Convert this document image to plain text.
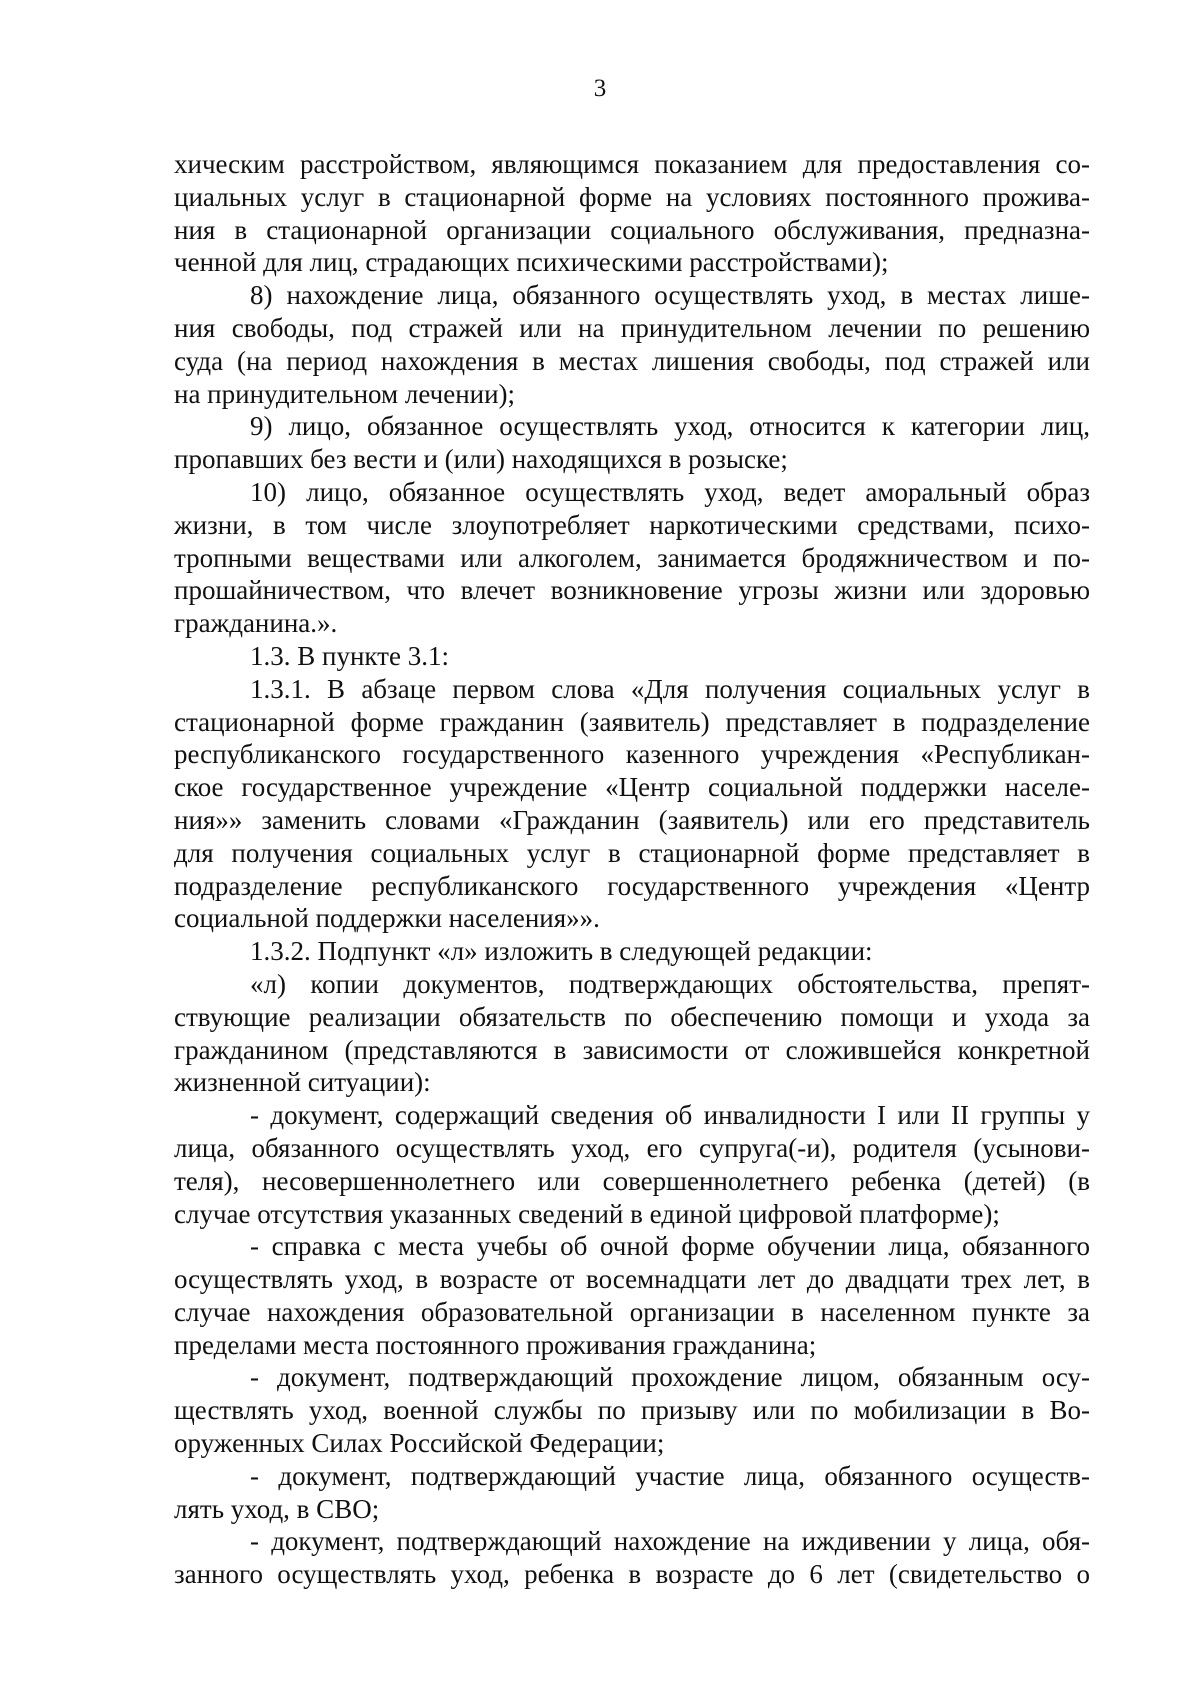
3
хическим расстройством, являющимся показанием для предоставления со-
циальных услуг в стационарной форме на условиях постоянного прожива-
ния в стационарной организации социального обслуживания, предназна-
ченной для лиц, страдающих психическими расстройствами);
8) нахождение лица, обязанного осуществлять уход, в местах лише-
ния свободы, под стражей или на принудительном лечении по решению
суда (на период нахождения в местах лишения свободы, под стражей или
на принудительном лечении);
9) лицо, обязанное осуществлять уход, относится к категории лиц,
пропавших без вести и (или) находящихся в розыске;
10) лицо, обязанное осуществлять уход, ведет аморальный образ
жизни, в том числе злоупотребляет наркотическими средствами, психо-
тропными веществами или алкоголем, занимается бродяжничеством и по-
прошайничеством, что влечет возникновение угрозы жизни или здоровью
гражданина.».
1.3. В пункте 3.1:
1.3.1. В абзаце первом слова «Для получения социальных услуг в
стационарной форме гражданин (заявитель) представляет в подразделение
республиканского государственного казенного учреждения «Республикан-
ское государственное учреждение «Центр социальной поддержки населе-
ния»» заменить словами «Гражданин (заявитель) или его представитель
для получения социальных услуг в стационарной форме представляет в
подразделение республиканского государственного учреждения «Центр
социальной поддержки населения»».
1.3.2. Подпункт «л» изложить в следующей редакции:
«л) копии документов, подтверждающих обстоятельства, препят-
ствующие реализации обязательств по обеспечению помощи и ухода за
гражданином (представляются в зависимости от сложившейся конкретной
жизненной ситуации):
- документ, содержащий сведения об инвалидности I или II группы у
лица, обязанного осуществлять уход, его супруга(-и), родителя (усынови-
теля), несовершеннолетнего или совершеннолетнего ребенка (детей) (в
случае отсутствия указанных сведений в единой цифровой платформе);
- справка с места учебы об очной форме обучении лица, обязанного
осуществлять уход, в возрасте от восемнадцати лет до двадцати трех лет, в
случае нахождения образовательной организации в населенном пункте за
пределами места постоянного проживания гражданина;
- документ, подтверждающий прохождение лицом, обязанным осу-
ществлять уход, военной службы по призыву или по мобилизации в Во-
оруженных Силах Российской Федерации;
- документ, подтверждающий участие лица, обязанного осуществ-
лять уход, в СВО;
- документ, подтверждающий нахождение на иждивении у лица, обя-
занного осуществлять уход, ребенка в возрасте до 6 лет (свидетельство о
